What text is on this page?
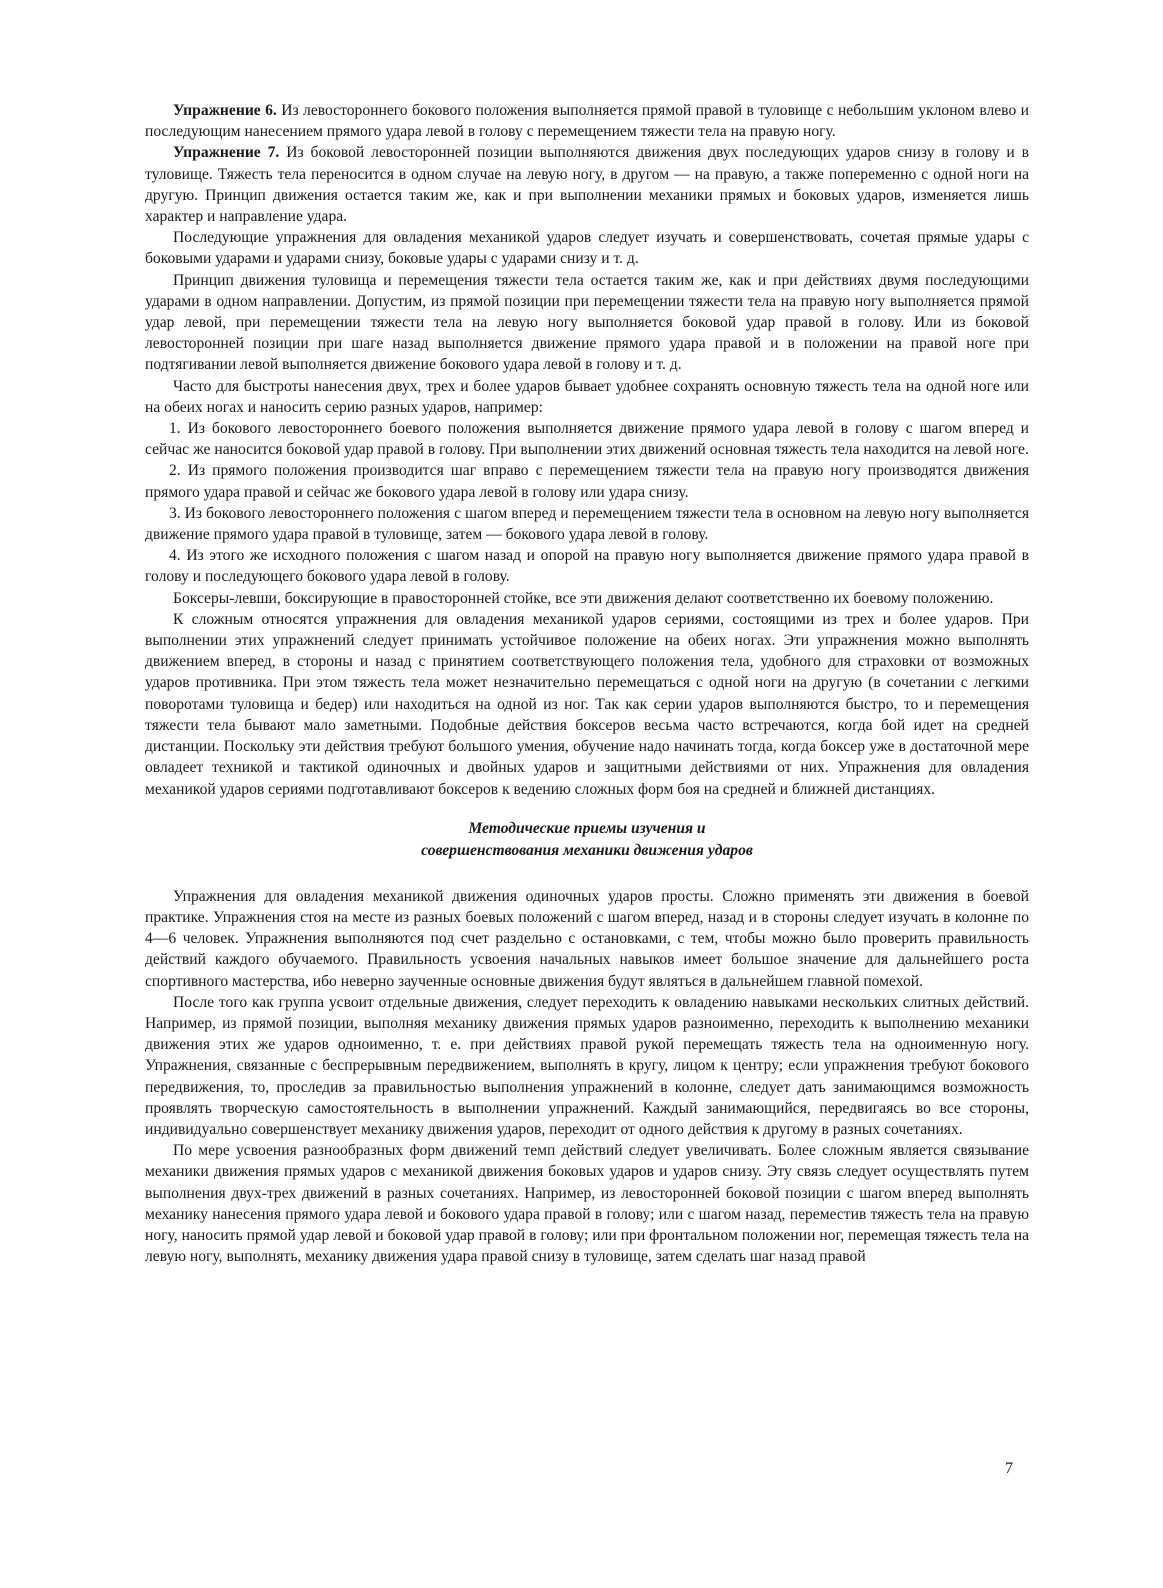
Упражнение 6. Из левостороннего бокового положения выполняется прямой правой в туловище с небольшим уклоном влево и последующим нанесением прямого удара левой в голову с перемещением тяжести тела на правую ногу.

Упражнение 7. Из боковой левосторонней позиции выполняются движения двух последующих ударов снизу в голову и в туловище. Тяжесть тела переносится в одном случае на левую ногу, в другом — на правую, а также попеременно с одной ноги на другую. Принцип движения остается таким же, как и при выполнении механики прямых и боковых ударов, изменяется лишь характер и направление удара.

Последующие упражнения для овладения механикой ударов следует изучать и совершенствовать, сочетая прямые удары с боковыми ударами и ударами снизу, боковые удары с ударами снизу и т. д.

Принцип движения туловища и перемещения тяжести тела остается таким же, как и при действиях двумя последующими ударами в одном направлении. Допустим, из прямой позиции при перемещении тяжести тела на правую ногу выполняется прямой удар левой, при перемещении тяжести тела на левую ногу выполняется боковой удар правой в голову. Или из боковой левосторонней позиции при шаге назад выполняется движение прямого удара правой и в положении на правой ноге при подтягивании левой выполняется движение бокового удара левой в голову и т. д.

Часто для быстроты нанесения двух, трех и более ударов бывает удобнее сохранять основную тяжесть тела на одной ноге или на обеих ногах и наносить серию разных ударов, например:

1. Из бокового левостороннего боевого положения выполняется движение прямого удара левой в голову с шагом вперед и сейчас же наносится боковой удар правой в голову. При выполнении этих движений основная тяжесть тела находится на левой ноге.

2. Из прямого положения производится шаг вправо с перемещением тяжести тела на правую ногу производятся движения прямого удара правой и сейчас же бокового удара левой в голову или удара снизу.

3. Из бокового левостороннего положения с шагом вперед и перемещением тяжести тела в основном на левую ногу выполняется движение прямого удара правой в туловище, затем — бокового удара левой в голову.

4. Из этого же исходного положения с шагом назад и опорой на правую ногу выполняется движение прямого удара правой в голову и последующего бокового удара левой в голову.

Боксеры-левши, боксирующие в правосторонней стойке, все эти движения делают соответственно их боевому положению.

К сложным относятся упражнения для овладения механикой ударов сериями, состоящими из трех и более ударов. При выполнении этих упражнений следует принимать устойчивое положение на обеих ногах. Эти упражнения можно выполнять движением вперед, в стороны и назад с принятием соответствующего положения тела, удобного для страховки от возможных ударов противника. При этом тяжесть тела может незначительно перемещаться с одной ноги на другую (в сочетании с легкими поворотами туловища и бедер) или находиться на одной из ног. Так как серии ударов выполняются быстро, то и перемещения тяжести тела бывают мало заметными. Подобные действия боксеров весьма часто встречаются, когда бой идет на средней дистанции. Поскольку эти действия требуют большого умения, обучение надо начинать тогда, когда боксер уже в достаточной мере овладеет техникой и тактикой одиночных и двойных ударов и защитными действиями от них. Упражнения для овладения механикой ударов сериями подготавливают боксеров к ведению сложных форм боя на средней и ближней дистанциях.

Методические приемы изучения и
совершенствования механики движения ударов

Упражнения для овладения механикой движения одиночных ударов просты. Сложно применять эти движения в боевой практике. Упражнения стоя на месте из разных боевых положений с шагом вперед, назад и в стороны следует изучать в колонне по 4—6 человек. Упражнения выполняются под счет раздельно с остановками, с тем, чтобы можно было проверить правильность действий каждого обучаемого. Правильность усвоения начальных навыков имеет большое значение для дальнейшего роста спортивного мастерства, ибо неверно заученные основные движения будут являться в дальнейшем главной помехой.

После того как группа усвоит отдельные движения, следует переходить к овладению навыками нескольких слитных действий. Например, из прямой позиции, выполняя механику движения прямых ударов разноименно, переходить к выполнению механики движения этих же ударов одноименно, т. е. при действиях правой рукой перемещать тяжесть тела на одноименную ногу. Упражнения, связанные с беспрерывным передвижением, выполнять в кругу, лицом к центру; если упражнения требуют бокового передвижения, то, проследив за правильностью выполнения упражнений в колонне, следует дать занимающимся возможность проявлять творческую самостоятельность в выполнении упражнений. Каждый занимающийся, передвигаясь во все стороны, индивидуально совершенствует механику движения ударов, переходит от одного действия к другому в разных сочетаниях.

По мере усвоения разнообразных форм движений темп действий следует увеличивать. Более сложным является связывание механики движения прямых ударов с механикой движения боковых ударов и ударов снизу. Эту связь следует осуществлять путем выполнения двух-трех движений в разных сочетаниях. Например, из левосторонней боковой позиции с шагом вперед выполнять механику нанесения прямого удара левой и бокового удара правой в голову; или с шагом назад, переместив тяжесть тела на правую ногу, наносить прямой удар левой и боковой удар правой в голову; или при фронтальном положении ног, перемещая тяжесть тела на левую ногу, выполнять, механику движения удара правой снизу в туловище, затем сделать шаг назад правой

7
